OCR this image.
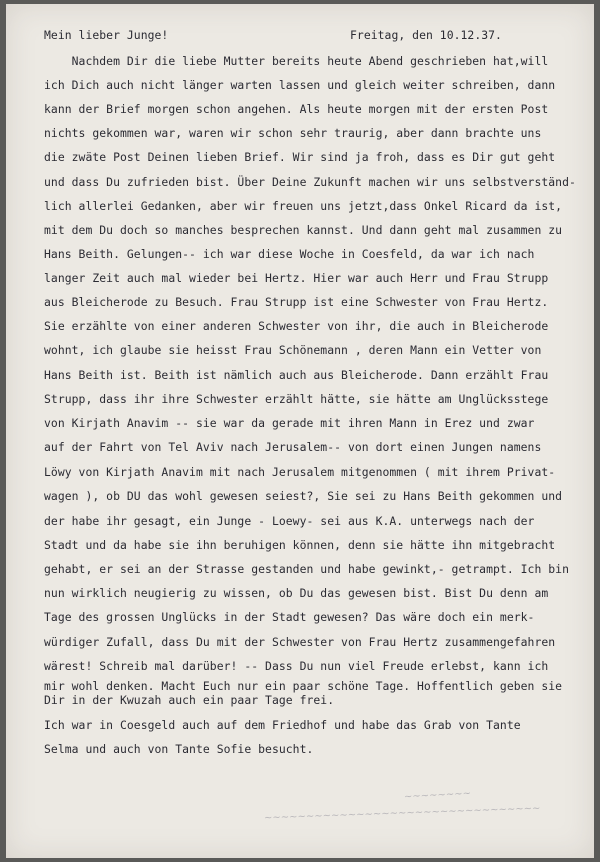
Mein lieber Junge!	Freitag, den 10.12.37.
Nachdem Dir die liebe Mutter bereits heute Abend geschrieben hat,will
ich Dich auch nicht länger warten lassen und gleich weiter schreiben, dann
kann der Brief morgen schon angehen. Als heute morgen mit der ersten Post
nichts gekommen war, waren wir schon sehr traurig, aber dann brachte uns
die zwäte Post Deinen lieben Brief. Wir sind ja froh, dass es Dir gut geht
und dass Du zufrieden bist. Über Deine Zukunft machen wir uns selbstverständ-
lich allerlei Gedanken, aber wir freuen uns jetzt,dass Onkel Ricard da ist,
mit dem Du doch so manches besprechen kannst. Und dann geht mal zusammen zu
Hans Beith. Gelungen-- ich war diese Woche in Coesfeld, da war ich nach
langer Zeit auch mal wieder bei Hertz. Hier war auch Herr und Frau Strupp
aus Bleicherode zu Besuch. Frau Strupp ist eine Schwester von Frau Hertz.
Sie erzählte von einer anderen Schwester von ihr, die auch in Bleicherode
wohnt, ich glaube sie heisst Frau Schönemann , deren Mann ein Vetter von
Hans Beith ist. Beith ist nämlich auch aus Bleicherode. Dann erzählt Frau
Strupp, dass ihr ihre Schwester erzählt hätte, sie hätte am Unglücksstege
von Kirjath Anavim -- sie war da gerade mit ihren Mann in Erez und zwar
auf der Fahrt von Tel Aviv nach Jerusalem-- von dort einen Jungen namens
Löwy von Kirjath Anavim mit nach Jerusalem mitgenommen ( mit ihrem Privat-
wagen ), ob DU das wohl gewesen seiest?, Sie sei zu Hans Beith gekommen und
der habe ihr gesagt, ein Junge - Loewy- sei aus K.A. unterwegs nach der
Stadt und da habe sie ihn beruhigen können, denn sie hätte ihn mitgebracht
gehabt, er sei an der Strasse gestanden und habe gewinkt,- getrampt. Ich bin
nun wirklich neugierig zu wissen, ob Du das gewesen bist. Bist Du denn am
Tage des grossen Unglücks in der Stadt gewesen? Das wäre doch ein merk-
würdiger Zufall, dass Du mit der Schwester von Frau Hertz zusammengefahren
wärest! Schreib mal darüber! -- Dass Du nun viel Freude erlebst, kann ich
mir wohl denken. Macht Euch nur ein paar schöne Tage. Hoffentlich geben sie
Dir in der Kwuzah auch ein paar Tage frei.
Ich war in Coesgeld auch auf dem Friedhof und habe das Grab von Tante
Selma und auch von Tante Sofie besucht.
~~~~~~~~
~~~~~~~~~~~~~~~~~~~~~~~~~~~~~~~~~
